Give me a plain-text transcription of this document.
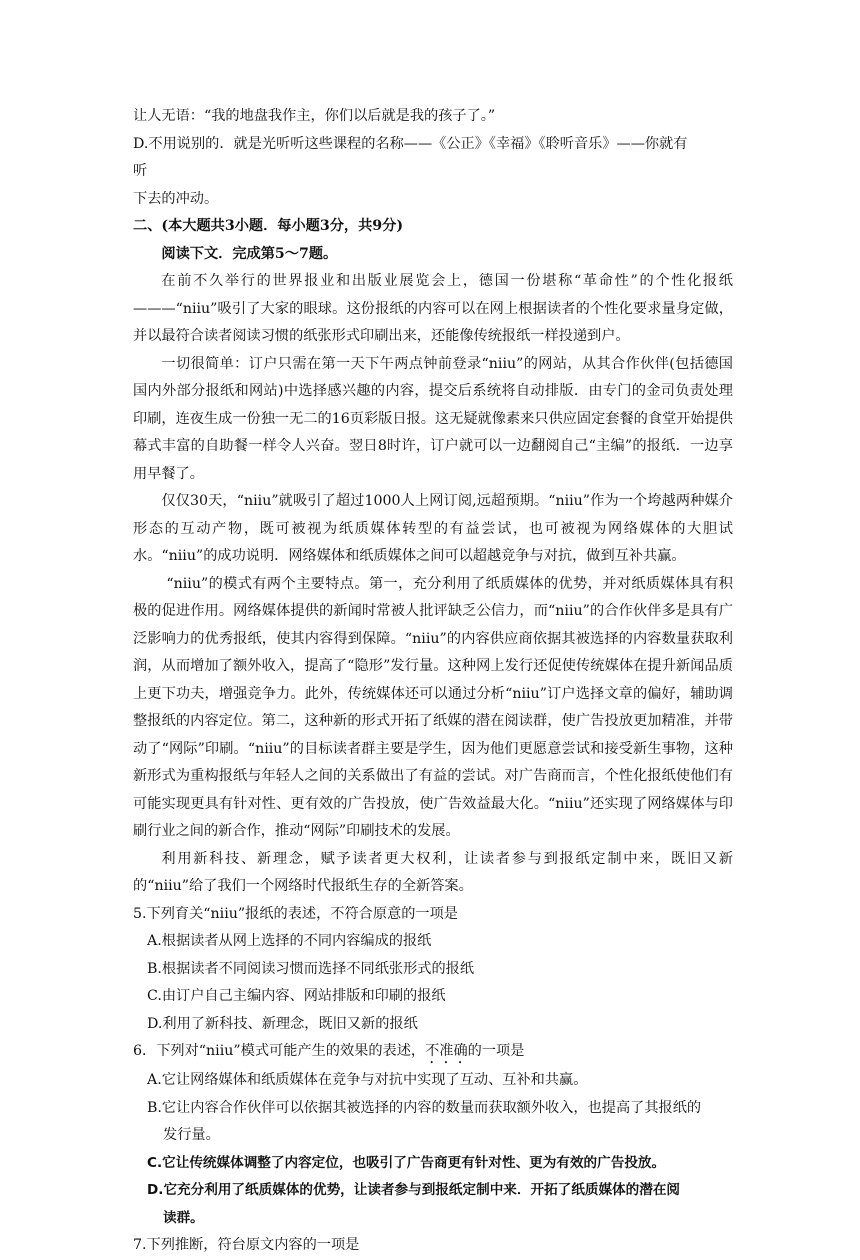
让人无语：“我的地盘我作主，你们以后就是我的孩子了。”
D.不用说别的．就是光听听这些课程的名称——《公正》《幸福》《聆听音乐》——你就有
听
下去的冲动。
二、(本大题共3小题．每小题3分，共9分)
阅读下文．完成第5～7题。

在前不久举行的世界报业和出版业展览会上，德国一份堪称“革命性”的个性化报纸———“niiu”吸引了大家的眼球。这份报纸的内容可以在网上根据读者的个性化要求量身定做，并以最符合读者阅读习惯的纸张形式印刷出来，还能像传统报纸一样投递到户。

一切很简单：订户只需在第一天下午两点钟前登录“niiu”的网站，从其合作伙伴(包括德国国内外部分报纸和网站)中选择感兴趣的内容，提交后系统将自动排版．由专门的金司负责处理印刷，连夜生成一份独一无二的16页彩版日报。这无疑就像素来只供应固定套餐的食堂开始提供幕式丰富的自助餐一样令人兴奋。翌日8时许，订户就可以一边翻阅自己“主编”的报纸．一边享用早餐了。

仅仅30天，“niiu”就吸引了超过1000人上网订阅,远超预期。“niiu”作为一个垮越两种媒介形态的互动产物，既可被视为纸质媒体转型的有益尝试，也可被视为网络媒体的大胆试水。“niiu”的成功说明．网络媒体和纸质媒体之间可以超越竞争与对抗，做到互补共赢。

“niiu”的模式有两个主要特点。第一，充分利用了纸质媒体的优势，并对纸质媒体具有积极的促进作用。网络媒体提供的新闻时常被人批评缺乏公信力，而“niiu”的合作伙伴多是具有广泛影响力的优秀报纸，使其内容得到保障。“niiu”的内容供应商依据其被选择的内容数量获取利润，从而增加了额外收入，提高了“隐形”发行量。这种网上发行还促使传统媒体在提升新闻品质上更下功夫，增强竞争力。此外，传统媒体还可以通过分析“niiu”订户选择文章的偏好，辅助调整报纸的内容定位。第二，这种新的形式开拓了纸媒的潜在阅读群，使广告投放更加精准，并带动了“网际”印刷。“niiu”的目标读者群主要是学生，因为他们更愿意尝试和接受新生事物，这种新形式为重构报纸与年轻人之间的关系做出了有益的尝试。对广告商而言，个性化报纸使他们有可能实现更具有针对性、更有效的广告投放，使广告效益最大化。“niiu”还实现了网络媒体与印刷行业之间的新合作，推动“网际”印刷技术的发展。

利用新科技、新理念，赋予读者更大权利，让读者参与到报纸定制中来，既旧又新的“niiu”给了我们一个网络时代报纸生存的全新答案。

5.下列育关“niiu”报纸的表述，不符合原意的一项是
A.根据读者从网上选择的不同内容编成的报纸
B.根据读者不同阅读习惯而选择不同纸张形式的报纸
C.由订户自己主编内容、网站排版和印刷的报纸
D.利用了新科技、新理念，既旧又新的报纸
6．下列对“niiu”模式可能产生的效果的表述，不准确的一项是
A.它让网络媒体和纸质媒体在竞争与对抗中实现了互动、互补和共赢。
B.它让内容合作伙伴可以依据其被选择的内容的数量而获取额外收入，也提高了其报纸的
发行量。
C.它让传统媒体调整了内容定位，也吸引了广告商更有针对性、更为有效的广告投放。
D.它充分利用了纸质媒体的优势，让读者参与到报纸定制中来．开拓了纸质媒体的潜在阅
读群。
7.下列推断，符台原文内容的一项是
